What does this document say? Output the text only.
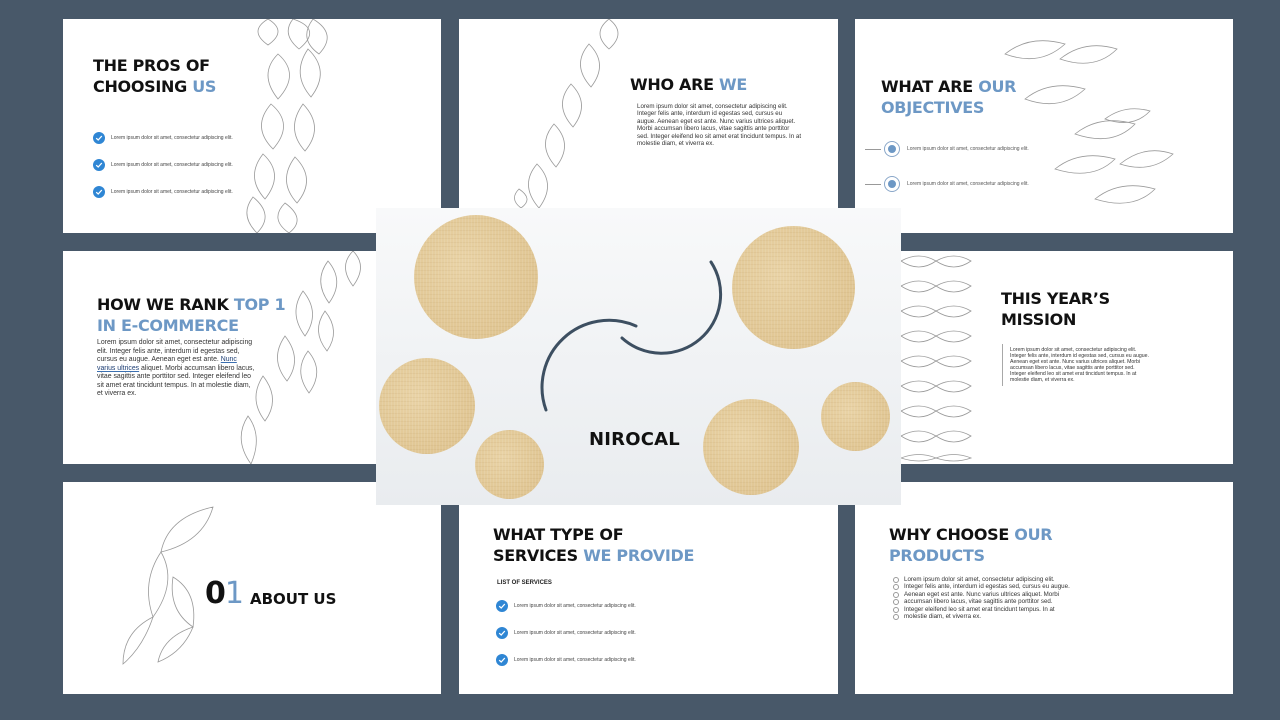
THE PROS OF
CHOOSING US
Lorem ipsum dolor sit amet, consectetur adipiscing elit.
Lorem ipsum dolor sit amet, consectetur adipiscing elit.
Lorem ipsum dolor sit amet, consectetur adipiscing elit.
WHO ARE WE

Lorem ipsum dolor sit amet, consectetur adipiscing elit. Integer felis ante, interdum id egestas sed, cursus eu augue. Aenean eget est ante. Nunc varius ultrices aliquet. Morbi accumsan libero lacus, vitae sagittis ante porttitor sed. Integer eleifend leo sit amet erat tincidunt tempus. In at molestie diam, et viverra ex.

WHAT ARE OUR
OBJECTIVES
Lorem ipsum dolor sit amet, consectetur adipiscing elit.
Lorem ipsum dolor sit amet, consectetur adipiscing elit.
HOW WE RANK TOP 1
IN E-COMMERCE

Lorem ipsum dolor sit amet, consectetur adipiscing elit. Integer felis ante, interdum id egestas sed, cursus eu augue. Aenean eget est ante. Nunc varius ultrices aliquet. Morbi accumsan libero lacus, vitae sagittis ante porttitor sed. Integer eleifend leo sit amet erat tincidunt tempus. In at molestie diam, et viverra ex.

THIS YEAR’S
MISSION

Lorem ipsum dolor sit amet, consectetur adipiscing elit. Integer felis ante, interdum id egestas sed, cursus eu augue. Aenean eget est ante. Nunc varius ultrices aliquet. Morbi accumsan libero lacus, vitae sagittis ante porttitor sed. Integer eleifend leo sit amet erat tincidunt tempus. In at molestie diam, et viverra ex.

01 ABOUT US
WHAT TYPE OF
SERVICES WE PROVIDE
LIST OF SERVICES
Lorem ipsum dolor sit amet, consectetur adipiscing elit.
Lorem ipsum dolor sit amet, consectetur adipiscing elit.
Lorem ipsum dolor sit amet, consectetur adipiscing elit.
WHY CHOOSE OUR
PRODUCTS
Lorem ipsum dolor sit amet, consectetur adipiscing elit.
Integer felis ante, interdum id egestas sed, cursus eu augue.
Aenean eget est ante. Nunc varius ultrices aliquet. Morbi
accumsan libero lacus, vitae sagittis ante porttitor sed.
Integer eleifend leo sit amet erat tincidunt tempus. In at
molestie diam, et viverra ex.
NIROCAL
